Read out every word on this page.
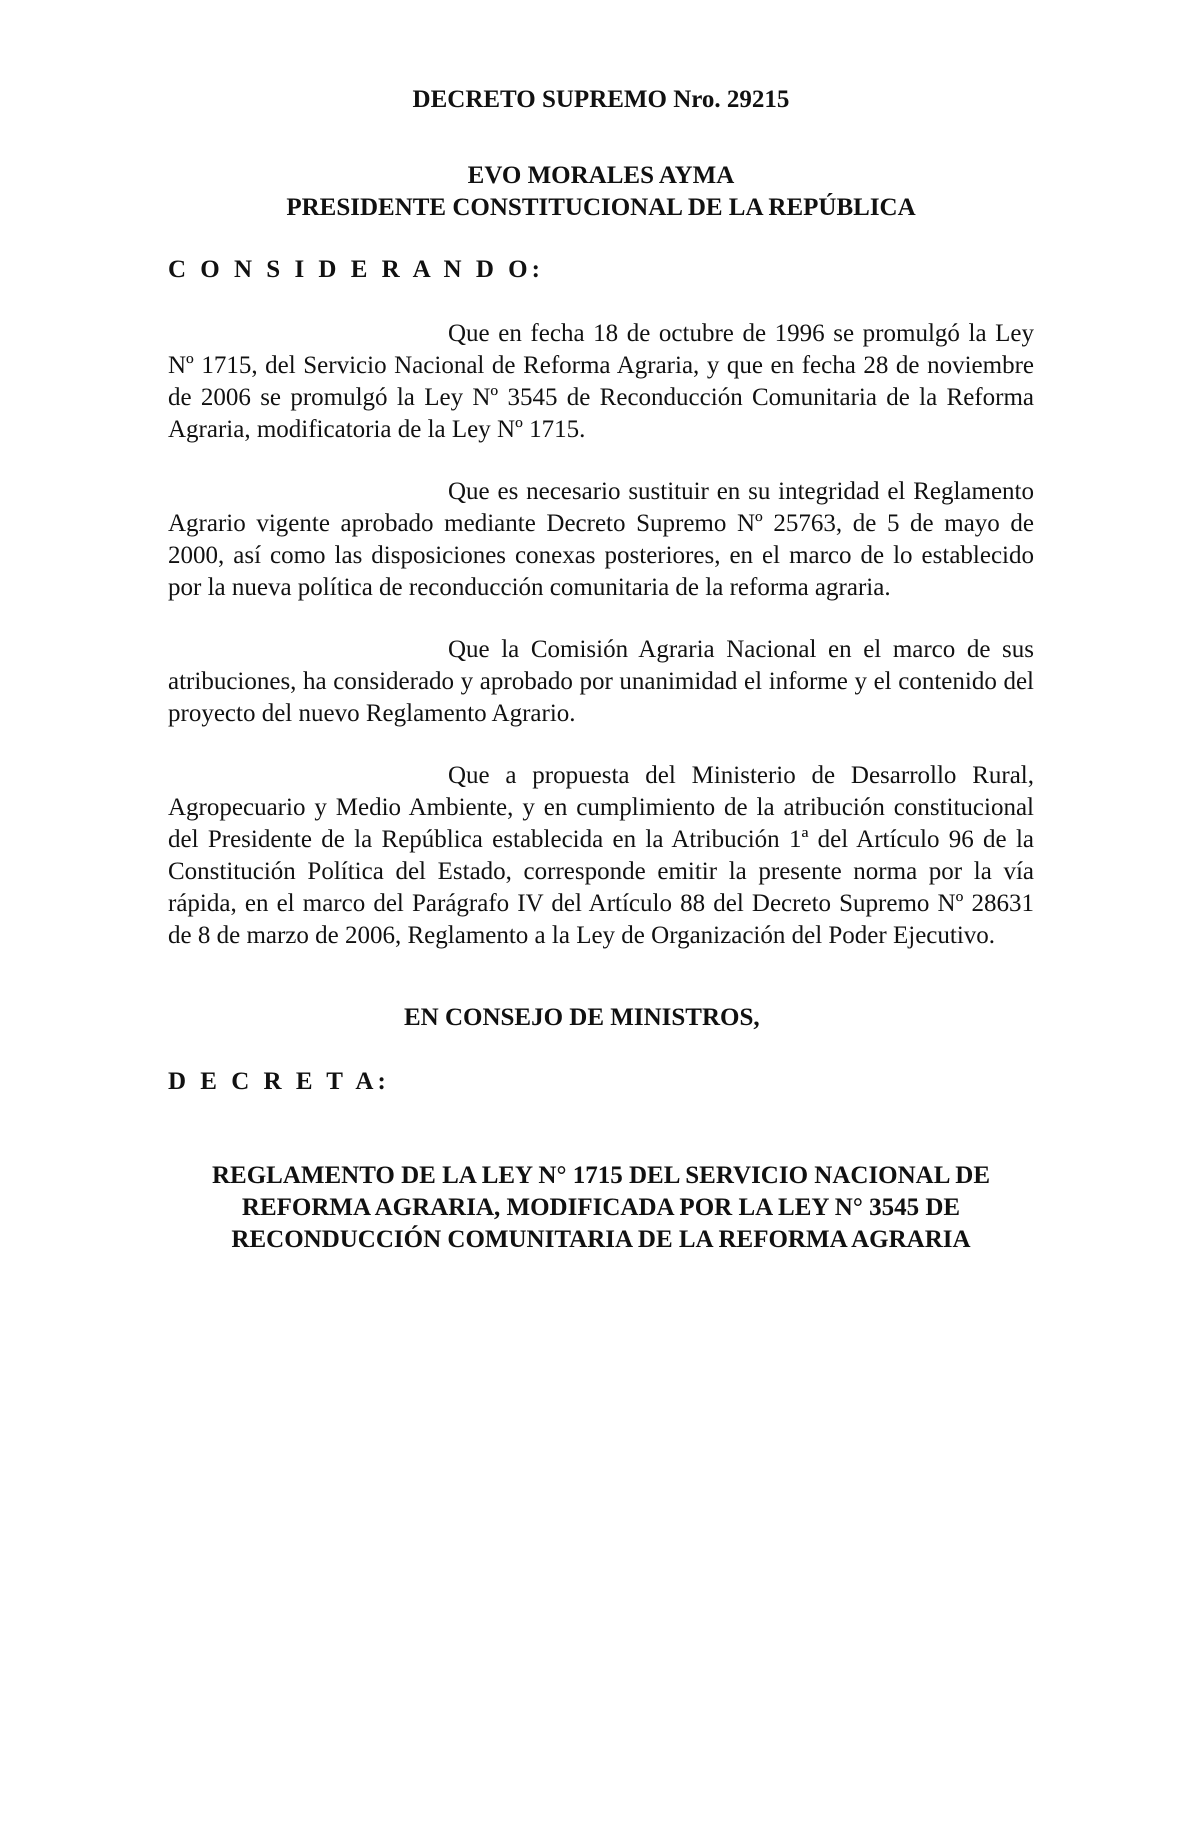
DECRETO SUPREMO Nro. 29215
EVO MORALES AYMA
PRESIDENTE CONSTITUCIONAL DE LA REPÚBLICA
C O N S I D E R A N D O:

Que en fecha 18 de octubre de 1996 se promulgó la Ley Nº 1715, del Servicio Nacional de Reforma Agraria, y que en fecha 28 de noviembre de 2006 se promulgó la Ley Nº 3545 de Reconducción Comunitaria de la Reforma Agraria, modificatoria de la Ley Nº 1715.

Que es necesario sustituir en su integridad el Reglamento Agrario vigente aprobado mediante Decreto Supremo Nº 25763, de 5 de mayo de 2000, así como las disposiciones conexas posteriores, en el marco de lo establecido por la nueva política de reconducción comunitaria de la reforma agraria.

Que la Comisión Agraria Nacional en el marco de sus atribuciones, ha considerado y aprobado por unanimidad el informe y el contenido del proyecto del nuevo Reglamento Agrario.

Que a propuesta del Ministerio de Desarrollo Rural, Agropecuario y Medio Ambiente, y en cumplimiento de la atribución constitucional del Presidente de la República establecida en la Atribución 1ª del Artículo 96 de la Constitución Política del Estado, corresponde emitir la presente norma por la vía rápida, en el marco del Parágrafo IV del Artículo 88 del Decreto Supremo Nº 28631 de 8 de marzo de 2006, Reglamento a la Ley de Organización del Poder Ejecutivo.

EN CONSEJO DE MINISTROS,
D E C R E T A:
REGLAMENTO DE LA LEY N° 1715 DEL SERVICIO NACIONAL DE
REFORMA AGRARIA, MODIFICADA POR LA LEY N° 3545 DE
RECONDUCCIÓN COMUNITARIA DE LA REFORMA AGRARIA
